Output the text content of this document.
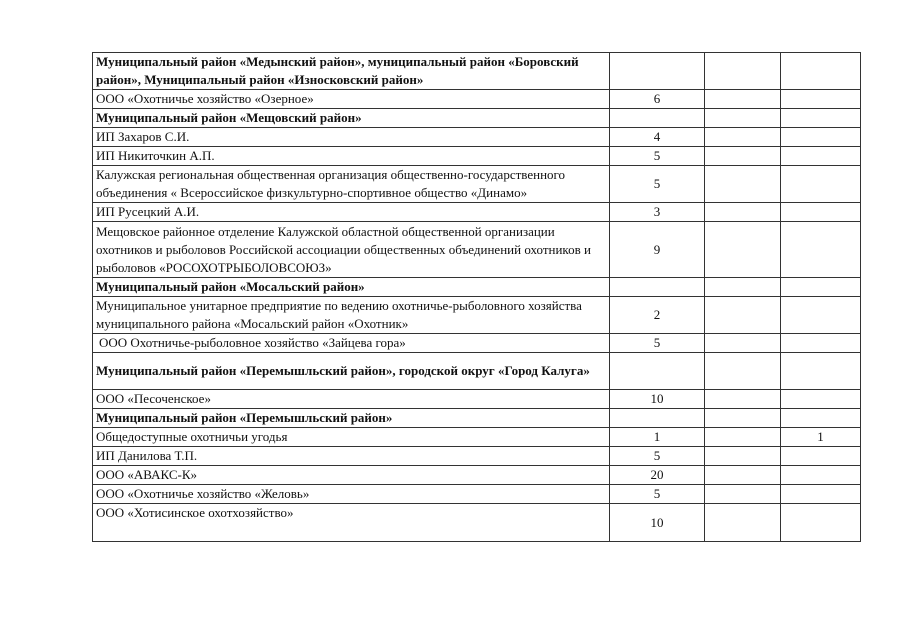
Муниципальный район «Медынский район», муниципальный район «Боровский район», Муниципальный район «Износковский район»			
ООО «Охотничье хозяйство «Озерное»	6		
Муниципальный район «Мещовский район»			
ИП Захаров С.И.	4		
ИП Никиточкин А.П.	5		
Калужская региональная общественная организация общественно-государственного объединения « Всероссийское физкультурно-спортивное общество «Динамо»	5		
ИП Русецкий А.И.	3		
Мещовское районное отделение Калужской областной общественной организации охотников и рыболовов Российской ассоциации общественных объединений охотников и рыболовов «РОСОХОТРЫБОЛОВСОЮЗ»	9		
Муниципальный район «Мосальский район»			
Муниципальное унитарное предприятие по ведению охотничье-рыболовного хозяйства муниципального района «Мосальский район «Охотник»	2		
ООО Охотничье-рыболовное хозяйство «Зайцева гора»	5		
Муниципальный район «Перемышльский район», городской округ «Город Калуга»			
ООО «Песоченское»	10		
Муниципальный район «Перемышльский район»			
Общедоступные охотничьи угодья	1		1
ИП Данилова Т.П.	5		
ООО «АВАКС-К»	20		
ООО «Охотничье хозяйство «Желовь»	5		
ООО «Хотисинское охотхозяйство»	10		
